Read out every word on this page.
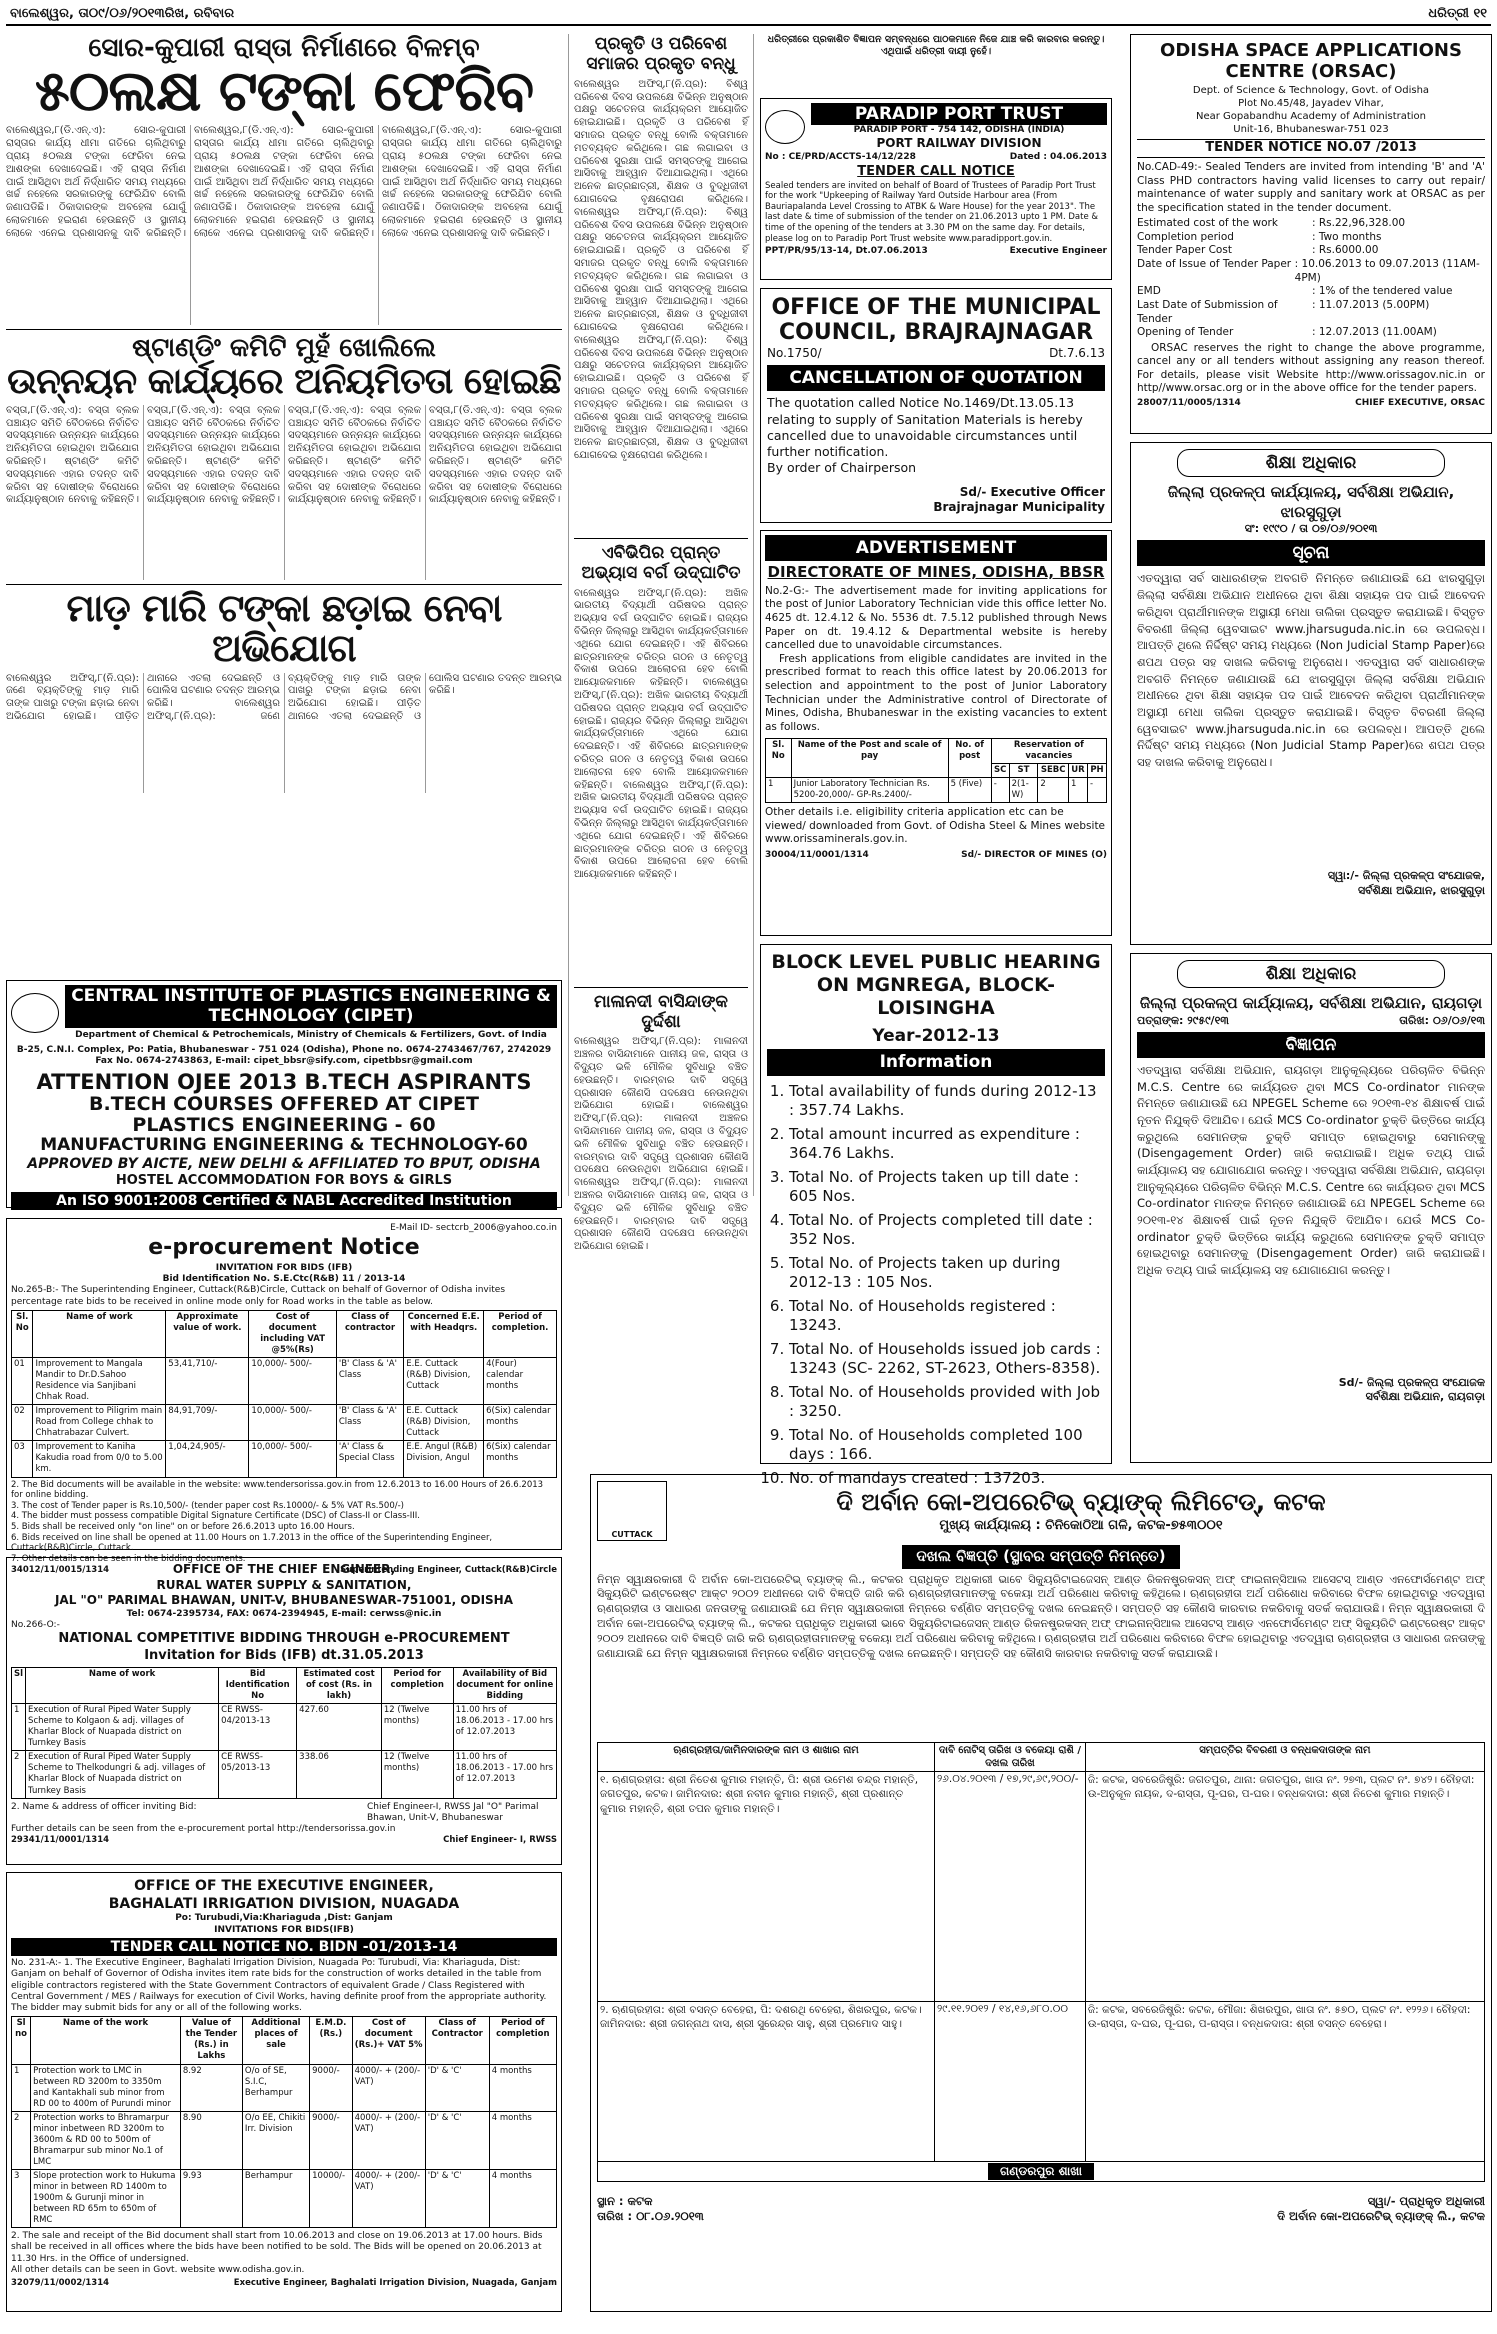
ବାଲେଶ୍ୱର, ତା୦୯/୦୬/୨୦୧୩ରିଖ, ରବିବାର	ଧରିତ୍ରୀ ୧୧
ସୋର-କୁପାରୀ ରାସ୍ତା ନିର୍ମାଣରେ ବିଳମ୍ବ
୫୦ଲକ୍ଷ ଟଙ୍କା ଫେରିବ
ବାଲେଶ୍ୱର,୮(ଡି.ଏନ୍.ଏ): ସୋର-କୁପାରୀ ରାସ୍ତାର କାର୍ଯ୍ୟ ଧୀମା ଗତିରେ ଚାଲିଥିବାରୁ ପ୍ରାୟ ୫୦ଲକ୍ଷ ଟଙ୍କା ଫେରିବା ନେଇ ଆଶଙ୍କା ଦେଖାଦେଇଛି। ଏହି ରାସ୍ତା ନିର୍ମାଣ ପାଇଁ ଆସିଥିବା ଅର୍ଥ ନିର୍ଦ୍ଧାରିତ ସମୟ ମଧ୍ୟରେ ଖର୍ଚ୍ଚ ନହେଲେ ସରକାରଙ୍କୁ ଫେରିଯିବ ବୋଲି ଜଣାପଡିଛି। ଠିକାଦାରଙ୍କ ଅବହେଳା ଯୋଗୁଁ ଲୋକମାନେ ହଇରାଣ ହେଉଛନ୍ତି ଓ ସ୍ଥାନୀୟ ଲୋକେ ଏନେଇ ପ୍ରଶାସନକୁ ଦାବି କରିଛନ୍ତି। ବାଲେଶ୍ୱର,୮(ଡି.ଏନ୍.ଏ): ସୋର-କୁପାରୀ ରାସ୍ତାର କାର୍ଯ୍ୟ ଧୀମା ଗତିରେ ଚାଲିଥିବାରୁ ପ୍ରାୟ ୫୦ଲକ୍ଷ ଟଙ୍କା ଫେରିବା ନେଇ ଆଶଙ୍କା ଦେଖାଦେଇଛି। ଏହି ରାସ୍ତା ନିର୍ମାଣ ପାଇଁ ଆସିଥିବା ଅର୍ଥ ନିର୍ଦ୍ଧାରିତ ସମୟ ମଧ୍ୟରେ ଖର୍ଚ୍ଚ ନହେଲେ ସରକାରଙ୍କୁ ଫେରିଯିବ ବୋଲି ଜଣାପଡିଛି। ଠିକାଦାରଙ୍କ ଅବହେଳା ଯୋଗୁଁ ଲୋକମାନେ ହଇରାଣ ହେଉଛନ୍ତି ଓ ସ୍ଥାନୀୟ ଲୋକେ ଏନେଇ ପ୍ରଶାସନକୁ ଦାବି କରିଛନ୍ତି। ବାଲେଶ୍ୱର,୮(ଡି.ଏନ୍.ଏ): ସୋର-କୁପାରୀ ରାସ୍ତାର କାର୍ଯ୍ୟ ଧୀମା ଗତିରେ ଚାଲିଥିବାରୁ ପ୍ରାୟ ୫୦ଲକ୍ଷ ଟଙ୍କା ଫେରିବା ନେଇ ଆଶଙ୍କା ଦେଖାଦେଇଛି। ଏହି ରାସ୍ତା ନିର୍ମାଣ ପାଇଁ ଆସିଥିବା ଅର୍ଥ ନିର୍ଦ୍ଧାରିତ ସମୟ ମଧ୍ୟରେ ଖର୍ଚ୍ଚ ନହେଲେ ସରକାରଙ୍କୁ ଫେରିଯିବ ବୋଲି ଜଣାପଡିଛି। ଠିକାଦାରଙ୍କ ଅବହେଳା ଯୋଗୁଁ ଲୋକମାନେ ହଇରାଣ ହେଉଛନ୍ତି ଓ ସ୍ଥାନୀୟ ଲୋକେ ଏନେଇ ପ୍ରଶାସନକୁ ଦାବି କରିଛନ୍ତି।
ଷ୍ଟାଣ୍ଡିଂ କମିଟି ମୁହଁ ଖୋଲିଲେ
ଉନ୍ନୟନ କାର୍ଯ୍ୟରେ ଅନିୟମିତତା ହୋଇଛି
ବସ୍ତା,୮(ଡି.ଏନ୍.ଏ): ବସ୍ତା ବ୍ଲକ ପଞ୍ଚାୟତ ସମିତି ବୈଠକରେ ନିର୍ବାଚିତ ସଦସ୍ୟମାନେ ଉନ୍ନୟନ କାର୍ଯ୍ୟରେ ଅନିୟମିତତା ହୋଇଥିବା ଅଭିଯୋଗ କରିଛନ୍ତି। ଷ୍ଟାଣ୍ଡିଂ କମିଟି ସଦସ୍ୟମାନେ ଏହାର ତଦନ୍ତ ଦାବି କରିବା ସହ ଦୋଷୀଙ୍କ ବିରୋଧରେ କାର୍ଯ୍ୟାନୁଷ୍ଠାନ ନେବାକୁ କହିଛନ୍ତି। ବସ୍ତା,୮(ଡି.ଏନ୍.ଏ): ବସ୍ତା ବ୍ଲକ ପଞ୍ଚାୟତ ସମିତି ବୈଠକରେ ନିର୍ବାଚିତ ସଦସ୍ୟମାନେ ଉନ୍ନୟନ କାର୍ଯ୍ୟରେ ଅନିୟମିତତା ହୋଇଥିବା ଅଭିଯୋଗ କରିଛନ୍ତି। ଷ୍ଟାଣ୍ଡିଂ କମିଟି ସଦସ୍ୟମାନେ ଏହାର ତଦନ୍ତ ଦାବି କରିବା ସହ ଦୋଷୀଙ୍କ ବିରୋଧରେ କାର୍ଯ୍ୟାନୁଷ୍ଠାନ ନେବାକୁ କହିଛନ୍ତି। ବସ୍ତା,୮(ଡି.ଏନ୍.ଏ): ବସ୍ତା ବ୍ଲକ ପଞ୍ଚାୟତ ସମିତି ବୈଠକରେ ନିର୍ବାଚିତ ସଦସ୍ୟମାନେ ଉନ୍ନୟନ କାର୍ଯ୍ୟରେ ଅନିୟମିତତା ହୋଇଥିବା ଅଭିଯୋଗ କରିଛନ୍ତି। ଷ୍ଟାଣ୍ଡିଂ କମିଟି ସଦସ୍ୟମାନେ ଏହାର ତଦନ୍ତ ଦାବି କରିବା ସହ ଦୋଷୀଙ୍କ ବିରୋଧରେ କାର୍ଯ୍ୟାନୁଷ୍ଠାନ ନେବାକୁ କହିଛନ୍ତି। ବସ୍ତା,୮(ଡି.ଏନ୍.ଏ): ବସ୍ତା ବ୍ଲକ ପଞ୍ଚାୟତ ସମିତି ବୈଠକରେ ନିର୍ବାଚିତ ସଦସ୍ୟମାନେ ଉନ୍ନୟନ କାର୍ଯ୍ୟରେ ଅନିୟମିତତା ହୋଇଥିବା ଅଭିଯୋଗ କରିଛନ୍ତି। ଷ୍ଟାଣ୍ଡିଂ କମିଟି ସଦସ୍ୟମାନେ ଏହାର ତଦନ୍ତ ଦାବି କରିବା ସହ ଦୋଷୀଙ୍କ ବିରୋଧରେ କାର୍ଯ୍ୟାନୁଷ୍ଠାନ ନେବାକୁ କହିଛନ୍ତି।
ମାଡ଼ ମାରି ଟଙ୍କା ଛଡ଼ାଇ ନେବା ଅଭିଯୋଗ
ବାଲେଶ୍ୱର ଅଫିସ୍,୮(ନି.ପ୍ର): ଜଣେ ବ୍ୟକ୍ତିଙ୍କୁ ମାଡ଼ ମାରି ତାଙ୍କ ପାଖରୁ ଟଙ୍କା ଛଡ଼ାଇ ନେବା ଅଭିଯୋଗ ହୋଇଛି। ପୀଡ଼ିତ ଥାନାରେ ଏତଲା ଦେଇଛନ୍ତି ଓ ପୋଲିସ ଘଟଣାର ତଦନ୍ତ ଆରମ୍ଭ କରିଛି।	ବାଲେଶ୍ୱର ଅଫିସ୍,୮(ନି.ପ୍ର): ଜଣେ ବ୍ୟକ୍ତିଙ୍କୁ ମାଡ଼ ମାରି ତାଙ୍କ ପାଖରୁ ଟଙ୍କା ଛଡ଼ାଇ ନେବା ଅଭିଯୋଗ ହୋଇଛି। ପୀଡ଼ିତ ଥାନାରେ ଏତଲା ଦେଇଛନ୍ତି ଓ ପୋଲିସ ଘଟଣାର ତଦନ୍ତ ଆରମ୍ଭ କରିଛି।
CENTRAL INSTITUTE OF PLASTICS ENGINEERING & TECHNOLOGY (CIPET)
Department of Chemical & Petrochemicals, Ministry of Chemicals & Fertilizers, Govt. of India
B-25, C.N.I. Complex, Po: Patia, Bhubaneswar - 751 024 (Odisha), Phone no. 0674-2743467/767, 2742029 Fax No. 0674-2743863, E-mail: cipet_bbsr@sify.com, cipetbbsr@gmail.com
ATTENTION OJEE 2013 B.TECH ASPIRANTS
B.TECH COURSES OFFERED AT CIPET
PLASTICS ENGINEERING - 60
MANUFACTURING ENGINEERING & TECHNOLOGY-60
APPROVED BY AICTE, NEW DELHI & AFFILIATED TO BPUT, ODISHA
HOSTEL ACCOMMODATION FOR BOYS & GIRLS
An ISO 9001:2008 Certified & NABL Accredited Institution
E-Mail ID- sectcrb_2006@yahoo.co.in
e-procurement Notice
INVITATION FOR BIDS (IFB)
Bid Identification No. S.E.Ctc(R&B) 11 / 2013-14
No.265-B:- The Superintending Engineer, Cuttack(R&B)Circle, Cuttack on behalf of Governor of Odisha invites percentage rate bids to be received in online mode only for Road works in the table as below.
Sl. No	Name of work	Approximate value of work.	Cost of document including VAT @5%(Rs)	Class of contractor	Concerned E.E. with Headqrs.	Period of completion.
01	Improvement to Mangala Mandir to Dr.D.Sahoo Residence via Sanjibani Chhak Road.	53,41,710/-	10,000/- 500/-	'B' Class & 'A' Class	E.E. Cuttack (R&B) Division, Cuttack	4(Four) calendar months
02	Improvement to Piligrim main Road from College chhak to Chhatrabazar Culvert.	84,91,709/-	10,000/- 500/-	'B' Class & 'A' Class	E.E. Cuttack (R&B) Division, Cuttack	6(Six) calendar months
03	Improvement to Kaniha Kakudia road from 0/0 to 5.00 km.	1,04,24,905/-	10,000/- 500/-	'A' Class & Special Class	E.E. Angul (R&B) Division, Angul	6(Six) calendar months
2. The Bid documents will be available in the website: www.tendersorissa.gov.in from 12.6.2013 to 16.00 Hours of 26.6.2013 for online bidding.
3. The cost of Tender paper is Rs.10,500/- (tender paper cost Rs.10000/- & 5% VAT Rs.500/-)
4. The bidder must possess compatible Digital Signature Certificate (DSC) of Class-II or Class-III.
5. Bids shall be received only "on line" on or before 26.6.2013 upto 16.00 Hours.
6. Bids received on line shall be opened at 11.00 Hours on 1.7.2013 in the office of the Superintending Engineer, Cuttack(R&B)Circle, Cuttack.
7. Other details can be seen in the bidding documents.
34012/11/0015/1314	Superintending Engineer, Cuttack(R&B)Circle
OFFICE OF THE CHIEF ENGINEER,
RURAL WATER SUPPLY & SANITATION,
JAL "O" PARIMAL BHAWAN, UNIT-V, BHUBANESWAR-751001, ODISHA
Tel: 0674-2395734, FAX: 0674-2394945, E-mail: cerwss@nic.in
No.266-O:-
NATIONAL COMPETITIVE BIDDING THROUGH e-PROCUREMENT
Invitation for Bids (IFB) dt.31.05.2013
Sl	Name of work	Bid Identification No	Estimated cost of cost (Rs. in lakh)	Period for completion	Availability of Bid document for online Bidding
1	Execution of Rural Piped Water Supply Scheme to Kolgaon & adj. villages of Kharlar Block of Nuapada district on Turnkey Basis	CE RWSS-04/2013-13	427.60	12 (Twelve months)	11.00 hrs of 18.06.2013 - 17.00 hrs of 12.07.2013
2	Execution of Rural Piped Water Supply Scheme to Thelkodungri & adj. villages of Kharlar Block of Nuapada district on Turnkey Basis	CE RWSS-05/2013-13	338.06	12 (Twelve months)	11.00 hrs of 18.06.2013 - 17.00 hrs of 12.07.2013
2. Name & address of officer inviting Bid:	Chief Engineer-I, RWSS Jal "O" Parimal Bhawan, Unit-V, Bhubaneswar
Further details can be seen from the e-procurement portal http://tendersorissa.gov.in
29341/11/0001/1314	Chief Engineer- I, RWSS
OFFICE OF THE EXECUTIVE ENGINEER,
BAGHALATI IRRIGATION DIVISION, NUAGADA
Po: Turubudi,Via:Khariaguda ,Dist: Ganjam
INVITATIONS FOR BIDS(IFB)
TENDER CALL NOTICE NO. BIDN -01/2013-14
No. 231-A:- 1. The Executive Engineer, Baghalati Irrigation Division, Nuagada Po: Turubudi, Via: Khariaguda, Dist: Ganjam on behalf of Governor of Odisha invites item rate bids for the construction of works detailed in the table from eligible contractors registered with the State Government Contractors of equivalent Grade / Class Registered with Central Government / MES / Railways for execution of Civil Works, having definite proof from the appropriate authority. The bidder may submit bids for any or all of the following works.
Sl no	Name of the work	Value of the Tender (Rs.) in Lakhs	Additional places of sale	E.M.D. (Rs.)	Cost of document (Rs.)+ VAT 5%	Class of Contractor	Period of completion
1	Protection work to LMC in between RD 3200m to 3350m and Kantakhali sub minor from RD 00 to 400m of Purundi minor	8.92	O/o of SE, S.I.C, Berhampur	9000/-	4000/- + (200/- VAT)	'D' & 'C'	4 months
2	Protection works to Bhramarpur minor inbetween RD 3200m to 3600m & RD 00 to 500m of Bhramarpur sub minor No.1 of LMC	8.90	O/o EE, Chikiti Irr. Division	9000/-	4000/- + (200/- VAT)	'D' & 'C'	4 months
3	Slope protection work to Hukuma minor in between RD 1400m to 1900m & Gurunji minor in between RD 65m to 650m of RMC	9.93	Berhampur	10000/-	4000/- + (200/- VAT)	'D' & 'C'	4 months
2. The sale and receipt of the Bid document shall start from 10.06.2013 and close on 19.06.2013 at 17.00 hours. Bids shall be received in all offices where the bids have been notified to be sold. The Bids will be opened on 20.06.2013 at 11.30 Hrs. in the Office of undersigned.
All other details can be seen in Govt. website www.odisha.gov.in.
32079/11/0002/1314	Executive Engineer, Baghalati Irrigation Division, Nuagada, Ganjam
ପ୍ରକୃତି ଓ ପରିବେଶ ସମାଜର ପ୍ରକୃତ ବନ୍ଧୁ
ବାଲେଶ୍ୱର ଅଫିସ୍,୮(ନି.ପ୍ର): ବିଶ୍ୱ ପରିବେଶ ଦିବସ ଉପଲକ୍ଷେ ବିଭିନ୍ନ ଅନୁଷ୍ଠାନ ପକ୍ଷରୁ ସଚେତନତା କାର୍ଯ୍ୟକ୍ରମ ଆୟୋଜିତ ହୋଇଯାଇଛି। ପ୍ରକୃତି ଓ ପରିବେଶ ହିଁ ସମାଜର ପ୍ରକୃତ ବନ୍ଧୁ ବୋଲି ବକ୍ତାମାନେ ମତବ୍ୟକ୍ତ କରିଥିଲେ। ଗଛ ଲଗାଇବା ଓ ପରିବେଶ ସୁରକ୍ଷା ପାଇଁ ସମସ୍ତଙ୍କୁ ଆଗେଇ ଆସିବାକୁ ଆହ୍ୱାନ ଦିଆଯାଇଥିଲା। ଏଥିରେ ଅନେକ ଛାତ୍ରଛାତ୍ରୀ, ଶିକ୍ଷକ ଓ ବୁଦ୍ଧିଜୀବୀ ଯୋଗଦେଇ ବୃକ୍ଷରୋପଣ କରିଥିଲେ। ବାଲେଶ୍ୱର ଅଫିସ୍,୮(ନି.ପ୍ର): ବିଶ୍ୱ ପରିବେଶ ଦିବସ ଉପଲକ୍ଷେ ବିଭିନ୍ନ ଅନୁଷ୍ଠାନ ପକ୍ଷରୁ ସଚେତନତା କାର୍ଯ୍ୟକ୍ରମ ଆୟୋଜିତ ହୋଇଯାଇଛି। ପ୍ରକୃତି ଓ ପରିବେଶ ହିଁ ସମାଜର ପ୍ରକୃତ ବନ୍ଧୁ ବୋଲି ବକ୍ତାମାନେ ମତବ୍ୟକ୍ତ କରିଥିଲେ। ଗଛ ଲଗାଇବା ଓ ପରିବେଶ ସୁରକ୍ଷା ପାଇଁ ସମସ୍ତଙ୍କୁ ଆଗେଇ ଆସିବାକୁ ଆହ୍ୱାନ ଦିଆଯାଇଥିଲା। ଏଥିରେ ଅନେକ ଛାତ୍ରଛାତ୍ରୀ, ଶିକ୍ଷକ ଓ ବୁଦ୍ଧିଜୀବୀ ଯୋଗଦେଇ ବୃକ୍ଷରୋପଣ କରିଥିଲେ। ବାଲେଶ୍ୱର ଅଫିସ୍,୮(ନି.ପ୍ର): ବିଶ୍ୱ ପରିବେଶ ଦିବସ ଉପଲକ୍ଷେ ବିଭିନ୍ନ ଅନୁଷ୍ଠାନ ପକ୍ଷରୁ ସଚେତନତା କାର୍ଯ୍ୟକ୍ରମ ଆୟୋଜିତ ହୋଇଯାଇଛି। ପ୍ରକୃତି ଓ ପରିବେଶ ହିଁ ସମାଜର ପ୍ରକୃତ ବନ୍ଧୁ ବୋଲି ବକ୍ତାମାନେ ମତବ୍ୟକ୍ତ କରିଥିଲେ। ଗଛ ଲଗାଇବା ଓ ପରିବେଶ ସୁରକ୍ଷା ପାଇଁ ସମସ୍ତଙ୍କୁ ଆଗେଇ ଆସିବାକୁ ଆହ୍ୱାନ ଦିଆଯାଇଥିଲା। ଏଥିରେ ଅନେକ ଛାତ୍ରଛାତ୍ରୀ, ଶିକ୍ଷକ ଓ ବୁଦ୍ଧିଜୀବୀ ଯୋଗଦେଇ ବୃକ୍ଷରୋପଣ କରିଥିଲେ।
ଏବିଭିପିର ପ୍ରାନ୍ତ ଅଭ୍ୟାସ ବର୍ଗ ଉଦ୍‌ଘାଟିତ
ବାଲେଶ୍ୱର ଅଫିସ୍,୮(ନି.ପ୍ର): ଅଖିଳ ଭାରତୀୟ ବିଦ୍ୟାର୍ଥୀ ପରିଷଦର ପ୍ରାନ୍ତ ଅଭ୍ୟାସ ବର୍ଗ ଉଦ୍‌ଘାଟିତ ହୋଇଛି। ରାଜ୍ୟର ବିଭିନ୍ନ ଜିଲ୍ଲାରୁ ଆସିଥିବା କାର୍ଯ୍ୟକର୍ତ୍ତାମାନେ ଏଥିରେ ଯୋଗ ଦେଇଛନ୍ତି। ଏହି ଶିବିରରେ ଛାତ୍ରମାନଙ୍କ ଚରିତ୍ର ଗଠନ ଓ ନେତୃତ୍ୱ ବିକାଶ ଉପରେ ଆଲୋଚନା ହେବ ବୋଲି ଆୟୋଜକମାନେ କହିଛନ୍ତି। ବାଲେଶ୍ୱର ଅଫିସ୍,୮(ନି.ପ୍ର): ଅଖିଳ ଭାରତୀୟ ବିଦ୍ୟାର୍ଥୀ ପରିଷଦର ପ୍ରାନ୍ତ ଅଭ୍ୟାସ ବର୍ଗ ଉଦ୍‌ଘାଟିତ ହୋଇଛି। ରାଜ୍ୟର ବିଭିନ୍ନ ଜିଲ୍ଲାରୁ ଆସିଥିବା କାର୍ଯ୍ୟକର୍ତ୍ତାମାନେ ଏଥିରେ ଯୋଗ ଦେଇଛନ୍ତି। ଏହି ଶିବିରରେ ଛାତ୍ରମାନଙ୍କ ଚରିତ୍ର ଗଠନ ଓ ନେତୃତ୍ୱ ବିକାଶ ଉପରେ ଆଲୋଚନା ହେବ ବୋଲି ଆୟୋଜକମାନେ କହିଛନ୍ତି। ବାଲେଶ୍ୱର ଅଫିସ୍,୮(ନି.ପ୍ର): ଅଖିଳ ଭାରତୀୟ ବିଦ୍ୟାର୍ଥୀ ପରିଷଦର ପ୍ରାନ୍ତ ଅଭ୍ୟାସ ବର୍ଗ ଉଦ୍‌ଘାଟିତ ହୋଇଛି। ରାଜ୍ୟର ବିଭିନ୍ନ ଜିଲ୍ଲାରୁ ଆସିଥିବା କାର୍ଯ୍ୟକର୍ତ୍ତାମାନେ ଏଥିରେ ଯୋଗ ଦେଇଛନ୍ତି। ଏହି ଶିବିରରେ ଛାତ୍ରମାନଙ୍କ ଚରିତ୍ର ଗଠନ ଓ ନେତୃତ୍ୱ ବିକାଶ ଉପରେ ଆଲୋଚନା ହେବ ବୋଲି ଆୟୋଜକମାନେ କହିଛନ୍ତି।
ମାଳାନଦୀ ବାସିନ୍ଦାଙ୍କ ଦୁର୍ଦ୍ଦଶା
ବାଲେଶ୍ୱର ଅଫିସ୍,୮(ନି.ପ୍ର): ମାଳାନଦୀ ଅଞ୍ଚଳର ବାସିନ୍ଦାମାନେ ପାନୀୟ ଜଳ, ରାସ୍ତା ଓ ବିଦ୍ୟୁତ ଭଳି ମୌଳିକ ସୁବିଧାରୁ ବଞ୍ଚିତ ହେଉଛନ୍ତି। ବାରମ୍ବାର ଦାବି ସତ୍ତ୍ୱେ ପ୍ରଶାସନ କୌଣସି ପଦକ୍ଷେପ ନେଉନଥିବା ଅଭିଯୋଗ ହୋଇଛି।	ବାଲେଶ୍ୱର ଅଫିସ୍,୮(ନି.ପ୍ର): ମାଳାନଦୀ ଅଞ୍ଚଳର ବାସିନ୍ଦାମାନେ ପାନୀୟ ଜଳ, ରାସ୍ତା ଓ ବିଦ୍ୟୁତ ଭଳି ମୌଳିକ ସୁବିଧାରୁ ବଞ୍ଚିତ ହେଉଛନ୍ତି। ବାରମ୍ବାର ଦାବି ସତ୍ତ୍ୱେ ପ୍ରଶାସନ କୌଣସି ପଦକ୍ଷେପ ନେଉନଥିବା ଅଭିଯୋଗ ହୋଇଛି। ବାଲେଶ୍ୱର ଅଫିସ୍,୮(ନି.ପ୍ର): ମାଳାନଦୀ ଅଞ୍ଚଳର ବାସିନ୍ଦାମାନେ ପାନୀୟ ଜଳ, ରାସ୍ତା ଓ ବିଦ୍ୟୁତ ଭଳି ମୌଳିକ ସୁବିଧାରୁ ବଞ୍ଚିତ ହେଉଛନ୍ତି। ବାରମ୍ବାର ଦାବି ସତ୍ତ୍ୱେ ପ୍ରଶାସନ କୌଣସି ପଦକ୍ଷେପ ନେଉନଥିବା ଅଭିଯୋଗ ହୋଇଛି।
ଧରିତ୍ରୀରେ ପ୍ରକାଶିତ ବିଜ୍ଞାପନ ସମ୍ବନ୍ଧରେ ପାଠକମାନେ ନିଜେ ଯାଞ୍ଚ କରି କାରବାର କରନ୍ତୁ। ଏଥିପାଇଁ ଧରିତ୍ରୀ ଦାୟୀ ନୁହେଁ।
PARADIP PORT TRUST
PARADIP PORT - 754 142, ODISHA (INDIA)
PORT RAILWAY DIVISION
No : CE/PRD/ACCTS-14/12/228	Dated : 04.06.2013
TENDER CALL NOTICE
Sealed tenders are invited on behalf of Board of Trustees of Paradip Port Trust for the work "Upkeeping of Railway Yard Outside Harbour area (From Bauriapalanda Level Crossing to ATBK & Ware House) for the year 2013". The last date & time of submission of the tender on 21.06.2013 upto 1 PM. Date & time of the opening of the tenders at 3.30 PM on the same day. For details, please log on to Paradip Port Trust website www.paradipport.gov.in.
PPT/PR/95/13-14, Dt.07.06.2013	Executive Engineer
OFFICE OF THE MUNICIPAL
COUNCIL, BRAJRAJNAGAR
No.1750/	Dt.7.6.13
CANCELLATION OF QUOTATION
The quotation called Notice No.1469/Dt.13.05.13 relating to supply of Sanitation Materials is hereby cancelled due to unavoidable circumstances until further notification.
By order of Chairperson
Sd/- Executive Officer
Brajrajnagar Municipality
ADVERTISEMENT
DIRECTORATE OF MINES, ODISHA, BBSR
No.2-G:- The advertisement made for inviting applications for the post of Junior Laboratory Technician vide this office letter No. 4625 dt. 12.4.12 & No. 5536 dt. 7.5.12 published through News Paper on dt. 19.4.12 & Departmental website is hereby cancelled due to unavoidable circumstances.
Fresh applications from eligible candidates are invited in the prescribed format to reach this office latest by 20.06.2013 for selection and appointment to the post of Junior Laboratory Technician under the Administrative control of Directorate of Mines, Odisha, Bhubaneswar in the existing vacancies to extent as follows.
Sl. No	Name of the Post and scale of pay	No. of post	Reservation of vacancies				
			SC	ST	SEBC	UR	PH
1	Junior Laboratory Technician Rs. 5200-20,000/- GP-Rs.2400/-	5 (Five)	-	2(1-W)	2	1	-
Other details i.e. eligibility criteria application etc can be viewed/ downloaded from Govt. of Odisha Steel & Mines website www.orissaminerals.gov.in.
30004/11/0001/1314	Sd/- DIRECTOR OF MINES (O)
BLOCK LEVEL PUBLIC HEARING
ON MGNREGA, BLOCK-LOISINGHA
Year-2012-13
Information
1. Total availability of funds during 2012-13 : 357.74 Lakhs.
2. Total amount incurred as expenditure : 364.76 Lakhs.
3. Total No. of Projects taken up till date : 605 Nos.
4. Total No. of Projects completed till date : 352 Nos.
5. Total No. of Projects taken up during 2012-13 : 105 Nos.
6. Total No. of Households registered : 13243.
7. Total No. of Households issued job cards : 13243 (SC- 2262, ST-2623, Others-8358).
8. Total No. of Households provided with Job : 3250.
9. Total No. of Households completed 100 days : 166.
10. No. of mandays created : 137203.
ODISHA SPACE APPLICATIONS
CENTRE (ORSAC)
Dept. of Science & Technology, Govt. of Odisha
Plot No.45/48, Jayadev Vihar,
Near Gopabandhu Academy of Administration
Unit-16, Bhubaneswar-751 023
TENDER NOTICE NO.07 /2013
No.CAD-49:- Sealed Tenders are invited from intending 'B' and 'A' Class PHD contractors having valid licenses to carry out repair/ maintenance of water supply and sanitary work at ORSAC as per the specification stated in the tender document.
Estimated cost of the work	: Rs.22,96,328.00
Completion period	: Two months
Tender Paper Cost	: Rs.6000.00
Date of Issue of Tender Paper : 10.06.2013 to 09.07.2013 (11AM-4PM)
EMD	: 1% of the tendered value
Last Date of Submission of Tender
: 11.07.2013 (5.00PM)
Opening of Tender	: 12.07.2013 (11.00AM)
ORSAC reserves the right to change the above programme, cancel any or all tenders without assigning any reason thereof. For details, please visit Website http://www.orissagov.nic.in or http//www.orsac.org or in the above office for the tender papers.
28007/11/0005/1314	CHIEF EXECUTIVE, ORSAC
ଶିକ୍ଷା ଅଧିକାର
ଜିଲ୍ଲା ପ୍ରକଳ୍ପ କାର୍ଯ୍ୟାଳୟ, ସର୍ବଶିକ୍ଷା ଅଭିଯାନ, ଝାରସୁଗୁଡ଼ା
ସଂ: ୧୯୯୦ / ତା ୦୭/୦୬/୨୦୧୩
ସୂଚନା
ଏତଦ୍ୱାରା ସର୍ବ ସାଧାରଣଙ୍କ ଅବଗତି ନିମନ୍ତେ ଜଣାଯାଉଛି ଯେ ଝାରସୁଗୁଡ଼ା ଜିଲ୍ଲା ସର୍ବଶିକ୍ଷା ଅଭିଯାନ ଅଧୀନରେ ଥିବା ଶିକ୍ଷା ସହାୟକ ପଦ ପାଇଁ ଆବେଦନ କରିଥିବା ପ୍ରାର୍ଥୀମାନଙ୍କ ଅସ୍ଥାୟୀ ମେଧା ତାଲିକା ପ୍ରସ୍ତୁତ କରାଯାଇଛି। ବିସ୍ତୃତ ବିବରଣୀ ଜିଲ୍ଲା ୱେବସାଇଟ www.jharsuguda.nic.in ରେ ଉପଲବ୍ଧ। ଆପତ୍ତି ଥିଲେ ନିର୍ଦ୍ଦିଷ୍ଟ ସମୟ ମଧ୍ୟରେ (Non Judicial Stamp Paper)ରେ ଶପଥ ପତ୍ର ସହ ଦାଖଲ କରିବାକୁ ଅନୁରୋଧ। ଏତଦ୍ୱାରା ସର୍ବ ସାଧାରଣଙ୍କ ଅବଗତି ନିମନ୍ତେ ଜଣାଯାଉଛି ଯେ ଝାରସୁଗୁଡ଼ା ଜିଲ୍ଲା ସର୍ବଶିକ୍ଷା ଅଭିଯାନ ଅଧୀନରେ ଥିବା ଶିକ୍ଷା ସହାୟକ ପଦ ପାଇଁ ଆବେଦନ କରିଥିବା ପ୍ରାର୍ଥୀମାନଙ୍କ ଅସ୍ଥାୟୀ ମେଧା ତାଲିକା ପ୍ରସ୍ତୁତ କରାଯାଇଛି। ବିସ୍ତୃତ ବିବରଣୀ ଜିଲ୍ଲା ୱେବସାଇଟ www.jharsuguda.nic.in ରେ ଉପଲବ୍ଧ। ଆପତ୍ତି ଥିଲେ ନିର୍ଦ୍ଦିଷ୍ଟ ସମୟ ମଧ୍ୟରେ (Non Judicial Stamp Paper)ରେ ଶପଥ ପତ୍ର ସହ ଦାଖଲ କରିବାକୁ ଅନୁରୋଧ।
ସ୍ୱା:/- ଜିଲ୍ଲା ପ୍ରକଳ୍ପ ସଂଯୋଜକ,
ସର୍ବଶିକ୍ଷା ଅଭିଯାନ, ଝାରସୁଗୁଡ଼ା
ଶିକ୍ଷା ଅଧିକାର
ଜିଲ୍ଲା ପ୍ରକଳ୍ପ କାର୍ଯ୍ୟାଳୟ, ସର୍ବଶିକ୍ଷା ଅଭିଯାନ, ରାୟଗଡ଼ା
ପତ୍ରାଙ୍କ: ୨୯୫୯/୧୩	ତାରିଖ: ୦୬/୦୬/୧୩
ବିଜ୍ଞାପନ
ଏତଦ୍ୱାରା ସର୍ବଶିକ୍ଷା ଅଭିଯାନ, ରାୟଗଡ଼ା ଆନୁକୂଲ୍ୟରେ ପରିଚାଳିତ ବିଭିନ୍ନ M.C.S. Centre ରେ କାର୍ଯ୍ୟରତ ଥିବା MCS Co-ordinator ମାନଙ୍କ ନିମନ୍ତେ ଜଣାଯାଉଛି ଯେ NPEGEL Scheme ରେ ୨୦୧୩-୧୪ ଶିକ୍ଷାବର୍ଷ ପାଇଁ ନୂତନ ନିଯୁକ୍ତି ଦିଆଯିବ। ଯେଉଁ MCS Co-ordinator ଚୁକ୍ତି ଭିତ୍ତିରେ କାର୍ଯ୍ୟ କରୁଥିଲେ ସେମାନଙ୍କ ଚୁକ୍ତି ସମାପ୍ତ ହୋଇଥିବାରୁ ସେମାନଙ୍କୁ (Disengagement Order) ଜାରି କରାଯାଇଛି। ଅଧିକ ତଥ୍ୟ ପାଇଁ କାର୍ଯ୍ୟାଳୟ ସହ ଯୋଗାଯୋଗ କରନ୍ତୁ। ଏତଦ୍ୱାରା ସର୍ବଶିକ୍ଷା ଅଭିଯାନ, ରାୟଗଡ଼ା ଆନୁକୂଲ୍ୟରେ ପରିଚାଳିତ ବିଭିନ୍ନ M.C.S. Centre ରେ କାର୍ଯ୍ୟରତ ଥିବା MCS Co-ordinator ମାନଙ୍କ ନିମନ୍ତେ ଜଣାଯାଉଛି ଯେ NPEGEL Scheme ରେ ୨୦୧୩-୧୪ ଶିକ୍ଷାବର୍ଷ ପାଇଁ ନୂତନ ନିଯୁକ୍ତି ଦିଆଯିବ। ଯେଉଁ MCS Co-ordinator ଚୁକ୍ତି ଭିତ୍ତିରେ କାର୍ଯ୍ୟ କରୁଥିଲେ ସେମାନଙ୍କ ଚୁକ୍ତି ସମାପ୍ତ ହୋଇଥିବାରୁ ସେମାନଙ୍କୁ (Disengagement Order) ଜାରି କରାଯାଇଛି। ଅଧିକ ତଥ୍ୟ ପାଇଁ କାର୍ଯ୍ୟାଳୟ ସହ ଯୋଗାଯୋଗ କରନ୍ତୁ।
Sd/- ଜିଲ୍ଲା ପ୍ରକଳ୍ପ ସଂଯୋଜକ
ସର୍ବଶିକ୍ଷା ଅଭିଯାନ, ରାୟଗଡ଼ା
CUTTACK
ଦି ଅର୍ବାନ କୋ-ଅପରେଟିଭ୍ ବ୍ୟାଙ୍କ୍ ଲିମିଟେଡ୍, କଟକ
ମୁଖ୍ୟ କାର୍ଯ୍ୟାଳୟ : ଚିନିକୋଠିଆ ଗଳି, କଟକ-୭୫୩୦୦୧
ଦଖଲ ବିଜ୍ଞପ୍ତି (ସ୍ଥାବର ସମ୍ପତ୍ତି ନିମନ୍ତେ)
ନିମ୍ନ ସ୍ୱାକ୍ଷରକାରୀ ଦି ଅର୍ବାନ କୋ-ଅପରେଟିଭ୍ ବ୍ୟାଙ୍କ୍ ଲି., କଟକର ପ୍ରାଧିକୃତ ଅଧିକାରୀ ଭାବେ ସିକ୍ୟୁରିଟାଇଜେସନ୍ ଆଣ୍ଡ ରିକନଷ୍ଟ୍ରକସନ୍ ଅଫ୍ ଫାଇନାନ୍ସିଆଲ ଆସେଟସ୍ ଆଣ୍ଡ ଏନଫୋର୍ସମେଣ୍ଟ ଅଫ୍ ସିକ୍ୟୁରିଟି ଇଣ୍ଟରେଷ୍ଟ ଆକ୍ଟ ୨୦୦୨ ଅଧୀନରେ ଦାବି ବିଜ୍ଞପ୍ତି ଜାରି କରି ଋଣଗ୍ରହୀତାମାନଙ୍କୁ ବକେୟା ଅର୍ଥ ପରିଶୋଧ କରିବାକୁ କହିଥିଲେ। ଋଣଗ୍ରହୀତା ଅର୍ଥ ପରିଶୋଧ କରିବାରେ ବିଫଳ ହୋଇଥିବାରୁ ଏତଦ୍ୱାରା ଋଣଗ୍ରହୀତା ଓ ସାଧାରଣ ଜନତାଙ୍କୁ ଜଣାଯାଉଛି ଯେ ନିମ୍ନ ସ୍ୱାକ୍ଷରକାରୀ ନିମ୍ନରେ ବର୍ଣ୍ଣିତ ସମ୍ପତ୍ତିକୁ ଦଖଲ ନେଇଛନ୍ତି। ସମ୍ପତ୍ତି ସହ କୌଣସି କାରବାର ନକରିବାକୁ ସତର୍କ କରାଯାଉଛି। ନିମ୍ନ ସ୍ୱାକ୍ଷରକାରୀ ଦି ଅର୍ବାନ କୋ-ଅପରେଟିଭ୍ ବ୍ୟାଙ୍କ୍ ଲି., କଟକର ପ୍ରାଧିକୃତ ଅଧିକାରୀ ଭାବେ ସିକ୍ୟୁରିଟାଇଜେସନ୍ ଆଣ୍ଡ ରିକନଷ୍ଟ୍ରକସନ୍ ଅଫ୍ ଫାଇନାନ୍ସିଆଲ ଆସେଟସ୍ ଆଣ୍ଡ ଏନଫୋର୍ସମେଣ୍ଟ ଅଫ୍ ସିକ୍ୟୁରିଟି ଇଣ୍ଟରେଷ୍ଟ ଆକ୍ଟ ୨୦୦୨ ଅଧୀନରେ ଦାବି ବିଜ୍ଞପ୍ତି ଜାରି କରି ଋଣଗ୍ରହୀତାମାନଙ୍କୁ ବକେୟା ଅର୍ଥ ପରିଶୋଧ କରିବାକୁ କହିଥିଲେ। ଋଣଗ୍ରହୀତା ଅର୍ଥ ପରିଶୋଧ କରିବାରେ ବିଫଳ ହୋଇଥିବାରୁ ଏତଦ୍ୱାରା ଋଣଗ୍ରହୀତା ଓ ସାଧାରଣ ଜନତାଙ୍କୁ ଜଣାଯାଉଛି ଯେ ନିମ୍ନ ସ୍ୱାକ୍ଷରକାରୀ ନିମ୍ନରେ ବର୍ଣ୍ଣିତ ସମ୍ପତ୍ତିକୁ ଦଖଲ ନେଇଛନ୍ତି। ସମ୍ପତ୍ତି ସହ କୌଣସି କାରବାର ନକରିବାକୁ ସତର୍କ କରାଯାଉଛି।
ଋଣଗ୍ରହୀତା/ଜାମିନଦାରଙ୍କ ନାମ ଓ ଶାଖାର ନାମ	ଦାବି ନୋଟିସ୍ ତାରିଖ ଓ ବକେୟା ରାଶି / ଦଖଲ ତାରିଖ	ସମ୍ପତ୍ତିର ବିବରଣୀ ଓ ବନ୍ଧକଦାତାଙ୍କ ନାମ
୧. ଋଣଗ୍ରହୀତା: ଶ୍ରୀ ନିତେଶ କୁମାର ମହାନ୍ତି, ପି: ଶ୍ରୀ ଉମେଶ ଚନ୍ଦ୍ର ମହାନ୍ତି, ଜଗତପୁର, କଟକ। ଜାମିନଦାର: ଶ୍ରୀ ନବୀନ କୁମାର ମହାନ୍ତି, ଶ୍ରୀ ପ୍ରଶାନ୍ତ କୁମାର ମହାନ୍ତି, ଶ୍ରୀ ତପନ କୁମାର ମହାନ୍ତି।	୨୬.୦୪.୨୦୧୩ / ୧୭,୨୯,୬୯,୨୦୦/-	ଜି: କଟକ, ସବରେଜିଷ୍ଟ୍ରି: ଜଗତପୁର, ଥାନା: ଜଗତପୁର, ଖାତା ନଂ. ୨୭୩, ପ୍ଲଟ ନଂ. ୭୪୨। ଚୌହଦୀ: ଉ-ଅନୁକୂଳ ନାୟକ, ଦ-ରାସ୍ତା, ପୂ-ଘର, ପ-ଘର। ବନ୍ଧକଦାତା: ଶ୍ରୀ ନିତେଶ କୁମାର ମହାନ୍ତି।
୨. ଋଣଗ୍ରହୀତା: ଶ୍ରୀ ବସନ୍ତ ବେହେରା, ପି: ଦଶରଥି ବେହେରା, ଶିଖରପୁର, କଟକ। ଜାମିନଦାର: ଶ୍ରୀ ଜଗନ୍ନାଥ ଦାସ, ଶ୍ରୀ ସୁରେନ୍ଦ୍ର ସାହୁ, ଶ୍ରୀ ପ୍ରମୋଦ ସାହୁ।	୨୯.୧୧.୨୦୧୨ / ୧୪,୧୬,୬୮୦.୦୦	ଜି: କଟକ, ସବରେଜିଷ୍ଟ୍ରି: କଟକ, ମୌଜା: ଶିଖରପୁର, ଖାତା ନଂ. ୫୭୦, ପ୍ଲଟ ନଂ. ୧୨୨୬। ଚୌହଦୀ: ଉ-ରାସ୍ତା, ଦ-ଘର, ପୂ-ଘର, ପ-ରାସ୍ତା। ବନ୍ଧକଦାତା: ଶ୍ରୀ ବସନ୍ତ ବେହେରା।
ଗଣ୍ଡରପୁର ଶାଖା		
ସ୍ଥାନ : କଟକ
ତାରିଖ : ୦୮.୦୬.୨୦୧୩
ସ୍ୱା/- ପ୍ରାଧିକୃତ ଅଧିକାରୀ
ଦି ଅର୍ବାନ କୋ-ଅପରେଟିଭ୍ ବ୍ୟାଙ୍କ୍ ଲି., କଟକ
